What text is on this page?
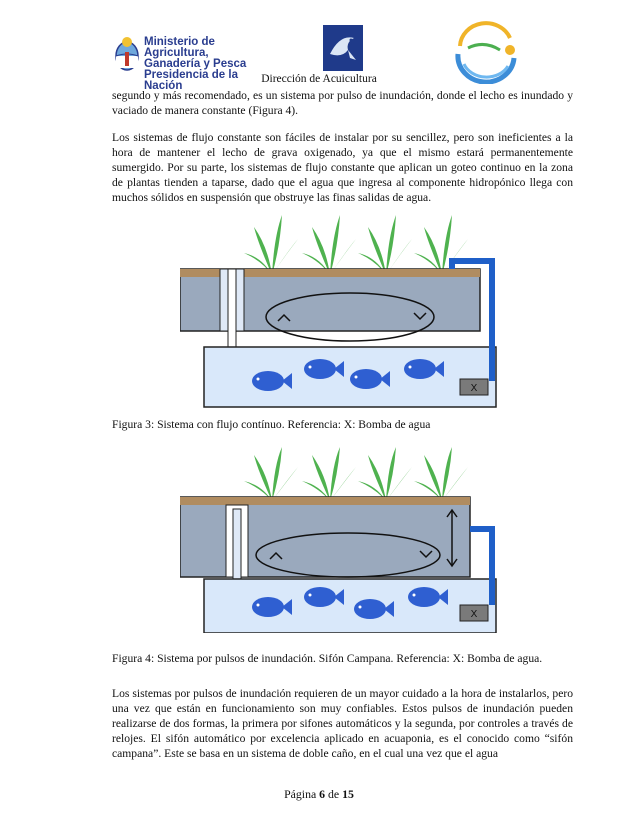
Ministerio de Agricultura,
Ganadería y Pesca
Presidencia de la Nación
Dirección de Acuicultura

segundo y más recomendado, es un sistema por pulso de inundación, donde el lecho es inundado y vaciado de manera constante (Figura 4).

Los sistemas de flujo constante son fáciles de instalar por su sencillez, pero son ineficientes a la hora de mantener el lecho de grava oxigenado, ya que el mismo estará permanentemente sumergido. Por su parte, los sistemas de flujo constante que aplican un goteo continuo en la zona de plantas tienden a taparse, dado que el agua que ingresa al componente hidropónico llega con muchos sólidos en suspensión que obstruye las finas salidas de agua.

X

Figura 3: Sistema con flujo contínuo. Referencia: X: Bomba de agua

X

Figura 4: Sistema por pulsos de inundación. Sifón Campana. Referencia: X: Bomba de agua.

Los sistemas por pulsos de inundación requieren de un mayor cuidado a la hora de instalarlos, pero una vez que están en funcionamiento son muy confiables. Estos pulsos de inundación pueden realizarse de dos formas, la primera por sifones automáticos y la segunda, por controles a través de relojes. El sifón automático por excelencia aplicado en acuaponia, es el conocido como “sifón campana”. Este se basa en un sistema de doble caño, en el cual una vez que el agua

Página 6 de 15
